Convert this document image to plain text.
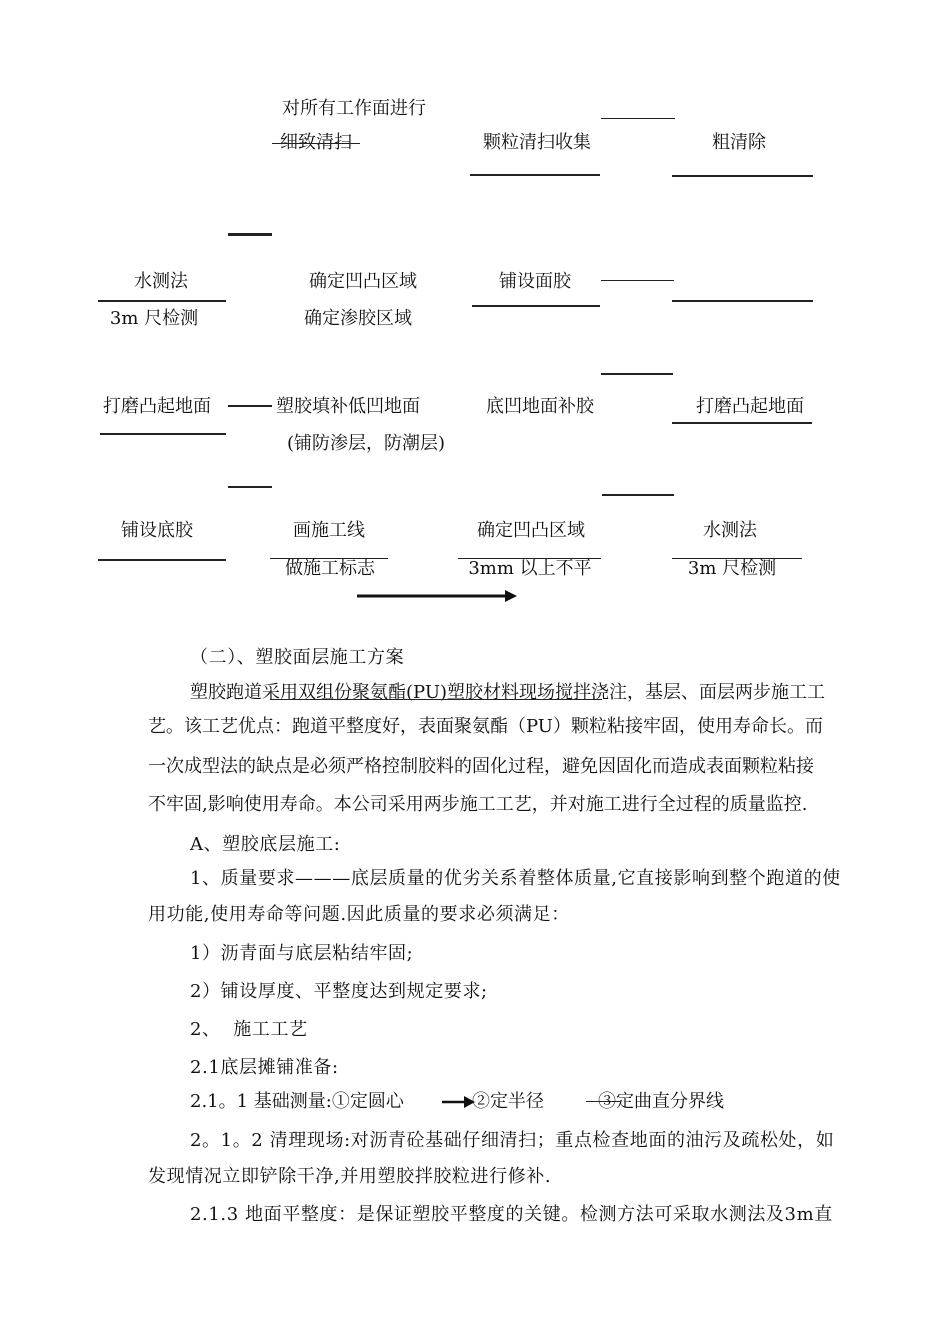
对所有工作面进行
细致清扫	颗粒清扫收集	粗清除
水测法
3m 尺检测
确定凹凸区域
确定渗胶区域
铺设面胶
打磨凸起地面	塑胶填补低凹地面
(铺防渗层，防潮层)
底凹地面补胶	打磨凸起地面
铺设底胶	画施工线
做施工标志
确定凹凸区域
3mm 以上不平
水测法
3m 尺检测
（二）、塑胶面层施工方案
塑胶跑道采用双组份聚氨酯(PU)塑胶材料现场搅拌浇注，基层、面层两步施工工
艺。该工艺优点：跑道平整度好，表面聚氨酯（PU）颗粒粘接牢固，使用寿命长。而
一次成型法的缺点是必须严格控制胶料的固化过程，避免因固化而造成表面颗粒粘接
不牢固,影响使用寿命。本公司采用两步施工工艺，并对施工进行全过程的质量监控.
A、塑胶底层施工:
1、质量要求———底层质量的优劣关系着整体质量,它直接影响到整个跑道的使
用功能,使用寿命等问题.因此质量的要求必须满足：
1）沥青面与底层粘结牢固;
2）铺设厚度、平整度达到规定要求;
2、  施工工艺
2.1底层摊铺准备:
2.1。1 基础测量:①定圆心	②定半径	③定曲直分界线
2。1。2 清理现场:对沥青砼基础仔细清扫；重点检查地面的油污及疏松处，如
发现情况立即铲除干净,并用塑胶拌胶粒进行修补.
2.1.3 地面平整度：是保证塑胶平整度的关键。检测方法可采取水测法及3m直
